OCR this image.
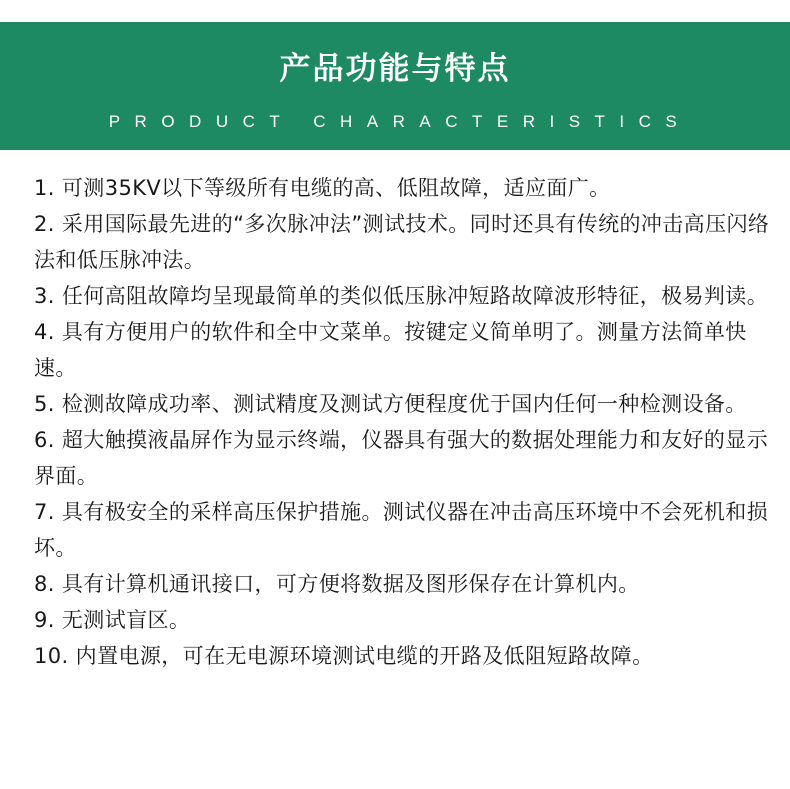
产品功能与特点
PRODUCT CHARACTERISTICS

1. 可测35KV以下等级所有电缆的高、低阻故障，适应面广。

2. 采用国际最先进的“多次脉冲法”测试技术。同时还具有传统的冲击高压闪络法和低压脉冲法。

3. 任何高阻故障均呈现最简单的类似低压脉冲短路故障波形特征，极易判读。

4. 具有方便用户的软件和全中文菜单。按键定义简单明了。测量方法简单快速。

5. 检测故障成功率、测试精度及测试方便程度优于国内任何一种检测设备。

6. 超大触摸液晶屏作为显示终端，仪器具有强大的数据处理能力和友好的显示界面。

7. 具有极安全的采样高压保护措施。测试仪器在冲击高压环境中不会死机和损坏。

8. 具有计算机通讯接口，可方便将数据及图形保存在计算机内。

9. 无测试盲区。

10. 内置电源，可在无电源环境测试电缆的开路及低阻短路故障。
